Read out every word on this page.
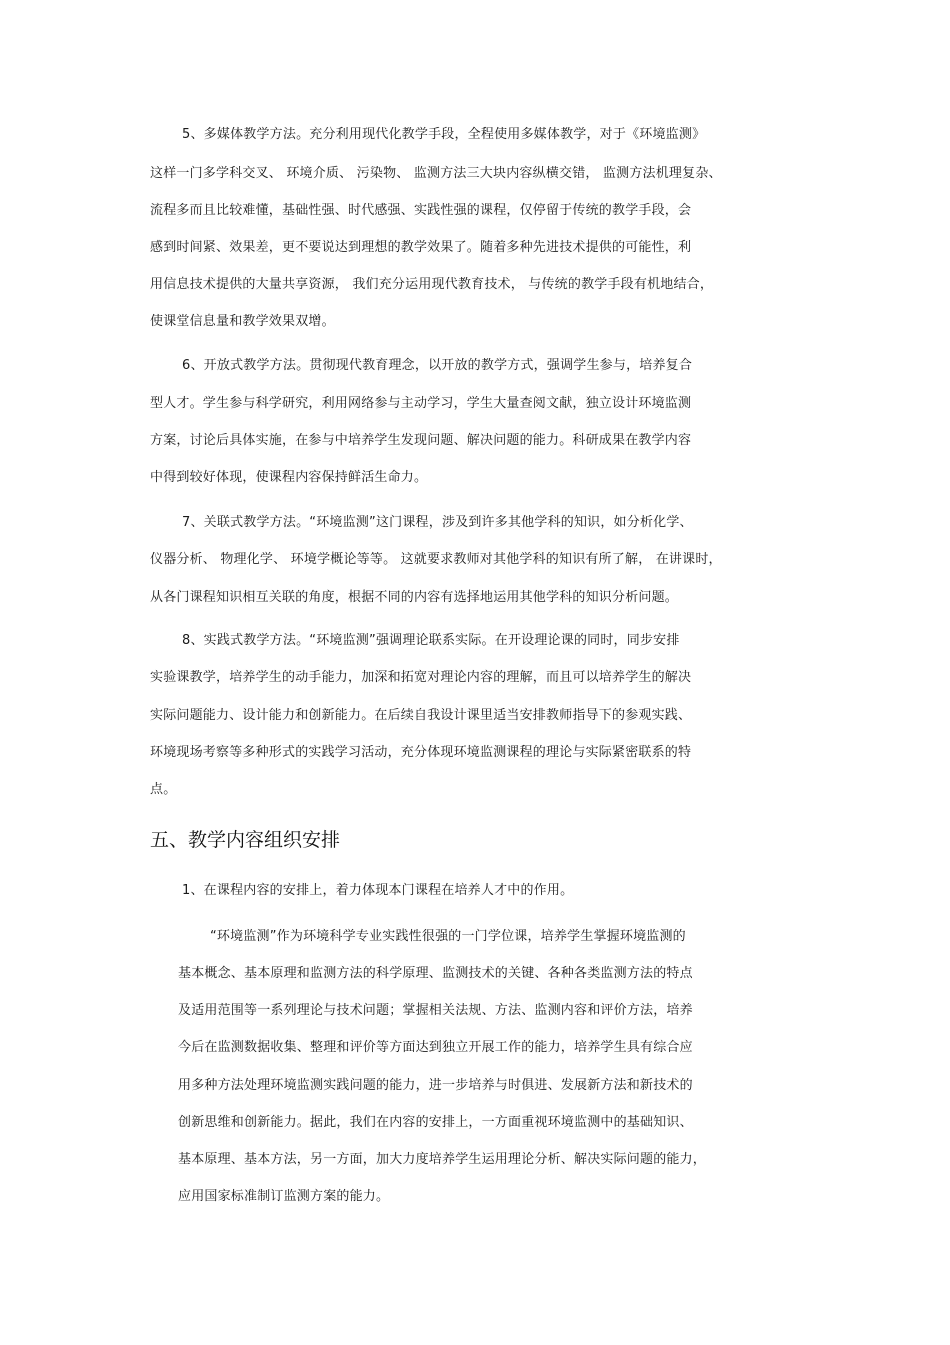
5、多媒体教学方法。充分利用现代化教学手段，全程使用多媒体教学，对于《环境监测》
这样一门多学科交叉、 环境介质、 污染物、 监测方法三大块内容纵横交错， 监测方法机理复杂、
流程多而且比较难懂，基础性强、时代感强、实践性强的课程，仅停留于传统的教学手段，会
感到时间紧、效果差，更不要说达到理想的教学效果了。随着多种先进技术提供的可能性，利
用信息技术提供的大量共享资源， 我们充分运用现代教育技术， 与传统的教学手段有机地结合，
使课堂信息量和教学效果双增。
6、开放式教学方法。贯彻现代教育理念，以开放的教学方式，强调学生参与，培养复合
型人才。学生参与科学研究，利用网络参与主动学习，学生大量查阅文献，独立设计环境监测
方案，讨论后具体实施，在参与中培养学生发现问题、解决问题的能力。科研成果在教学内容
中得到较好体现，使课程内容保持鲜活生命力。
7、关联式教学方法。“环境监测”这门课程，涉及到许多其他学科的知识，如分析化学、
仪器分析、 物理化学、 环境学概论等等。 这就要求教师对其他学科的知识有所了解， 在讲课时，
从各门课程知识相互关联的角度，根据不同的内容有选择地运用其他学科的知识分析问题。
8、实践式教学方法。“环境监测”强调理论联系实际。在开设理论课的同时，同步安排
实验课教学，培养学生的动手能力，加深和拓宽对理论内容的理解，而且可以培养学生的解决
实际问题能力、设计能力和创新能力。在后续自我设计课里适当安排教师指导下的参观实践、
环境现场考察等多种形式的实践学习活动，充分体现环境监测课程的理论与实际紧密联系的特
点。
五、教学内容组织安排
1、在课程内容的安排上，着力体现本门课程在培养人才中的作用。
“环境监测”作为环境科学专业实践性很强的一门学位课，培养学生掌握环境监测的
基本概念、基本原理和监测方法的科学原理、监测技术的关键、各种各类监测方法的特点
及适用范围等一系列理论与技术问题；掌握相关法规、方法、监测内容和评价方法，培养
今后在监测数据收集、整理和评价等方面达到独立开展工作的能力，培养学生具有综合应
用多种方法处理环境监测实践问题的能力，进一步培养与时俱进、发展新方法和新技术的
创新思维和创新能力。据此，我们在内容的安排上，一方面重视环境监测中的基础知识、
基本原理、基本方法，另一方面，加大力度培养学生运用理论分析、解决实际问题的能力，
应用国家标准制订监测方案的能力。
